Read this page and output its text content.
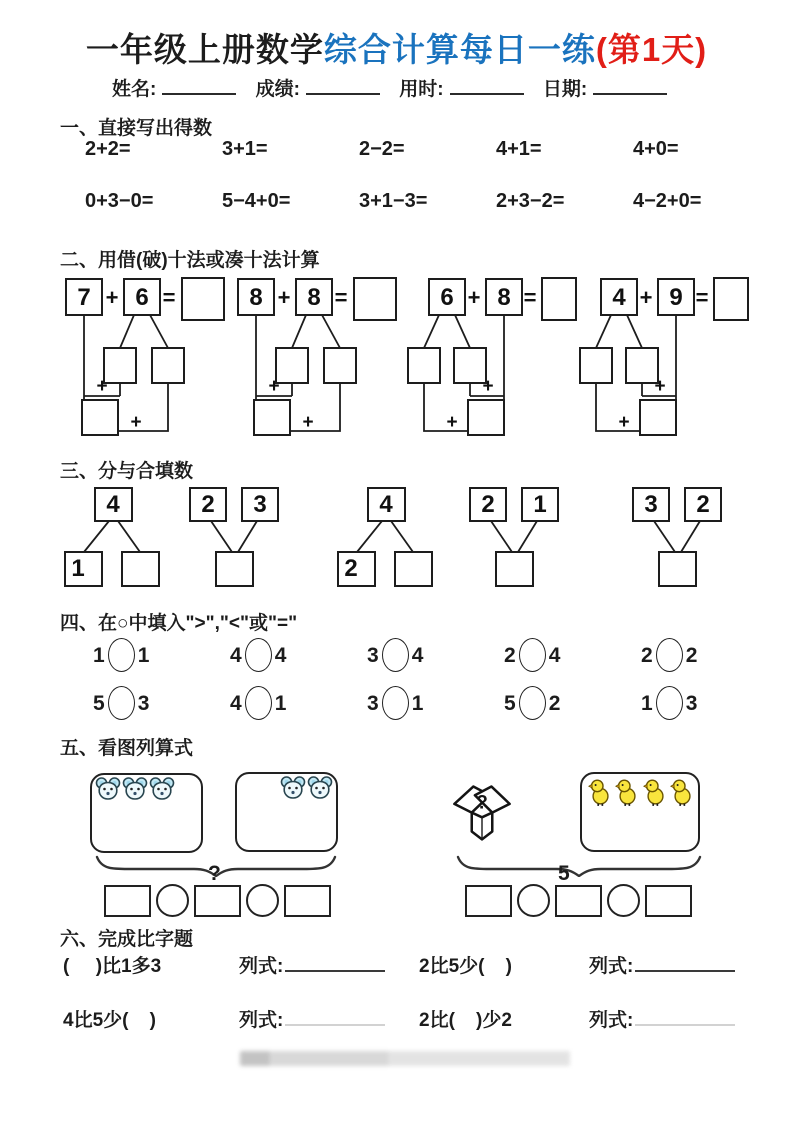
一年级上册数学综合计算每日一练(第1天)
姓名:	成绩:	用时:	日期:
一、直接写出得数
2+2=	3+1=	2−2=	4+1=	4+0=
0+3−0=	5−4+0=	3+1−3=	2+3−2=	4−2+0=
二、用借(破)十法或凑十法计算
7 + 6 =
+
+
8 + 8 =
+
+
6 + 8 =
+
+
4 + 9 =
+
+
三、分与合填数
4
1
2 3	4
2
2 1	3 2
四、在○中填入">","<"或"="
1 1	4 4	3 4	2 4	2 2
5 3	4 1	3 1	5 2	1 3
五、看图列算式
?
?
5
六、完成比字题
(     )比1多3	列式:	2比5少(    )	列式:
4比5少(    )	列式:	2比(    )少2	列式:
